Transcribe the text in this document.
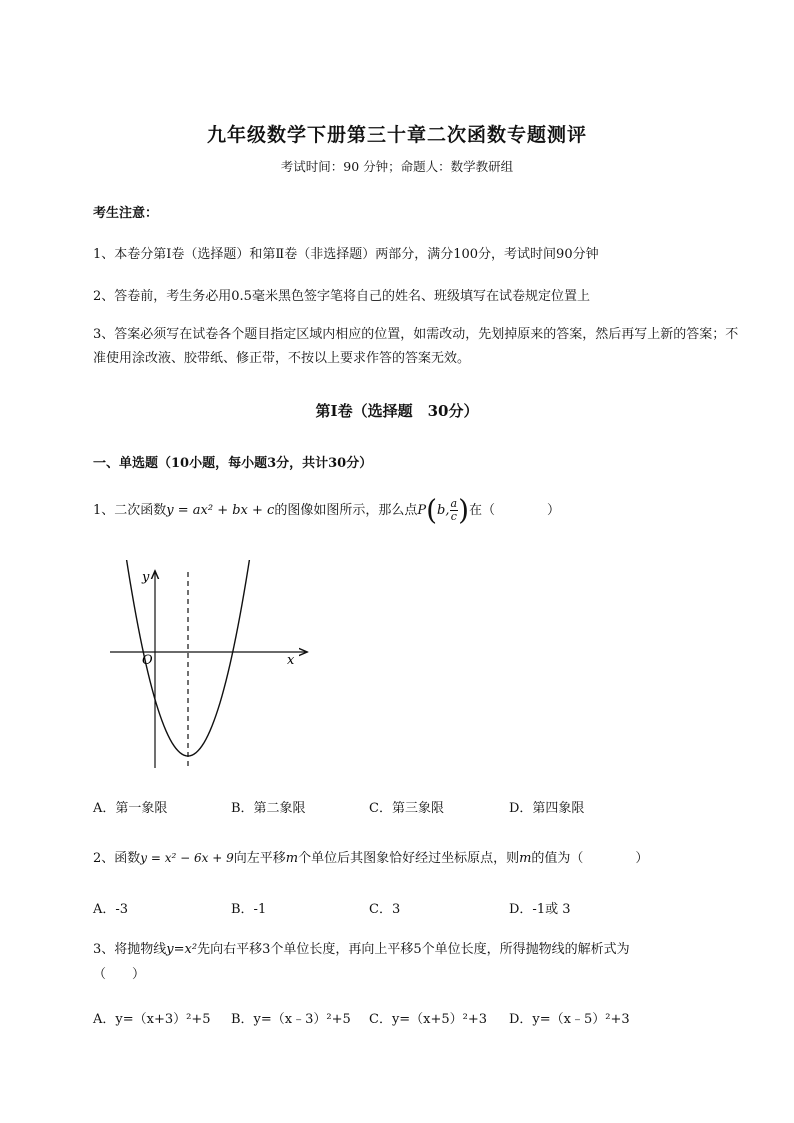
九年级数学下册第三十章二次函数专题测评
考试时间：90 分钟；命题人：数学教研组
考生注意：
1、本卷分第Ⅰ卷（选择题）和第Ⅱ卷（非选择题）两部分，满分100分，考试时间90分钟
2、答卷前，考生务必用0.5毫米黑色签字笔将自己的姓名、班级填写在试卷规定位置上
3、答案必须写在试卷各个题目指定区域内相应的位置，如需改动，先划掉原来的答案，然后再写上新的答案；不准使用涂改液、胶带纸、修正带，不按以上要求作答的答案无效。
第Ⅰ卷（选择题　30分）
一、单选题（10小题，每小题3分，共计30分）
1、二次函数y = ax² + bx + c的图像如图所示，那么点P(b, $\frac{a}{c}$ )在（　　　　）
y
x
O
A．第一象限	B．第二象限	C．第三象限	D．第四象限
2、函数y = x² − 6x + 9向左平移m个单位后其图象恰好经过坐标原点，则m的值为（　　　　）
A．-3	B．-1	C．3	D．-1或 3
3、将抛物线y=x²先向右平移3个单位长度，再向上平移5个单位长度，所得抛物线的解析式为
（　　）
A．y=（x+3）²+5 B．y=（x﹣3）²+5 C．y=（x+5）²+3 D．y=（x﹣5）²+3
